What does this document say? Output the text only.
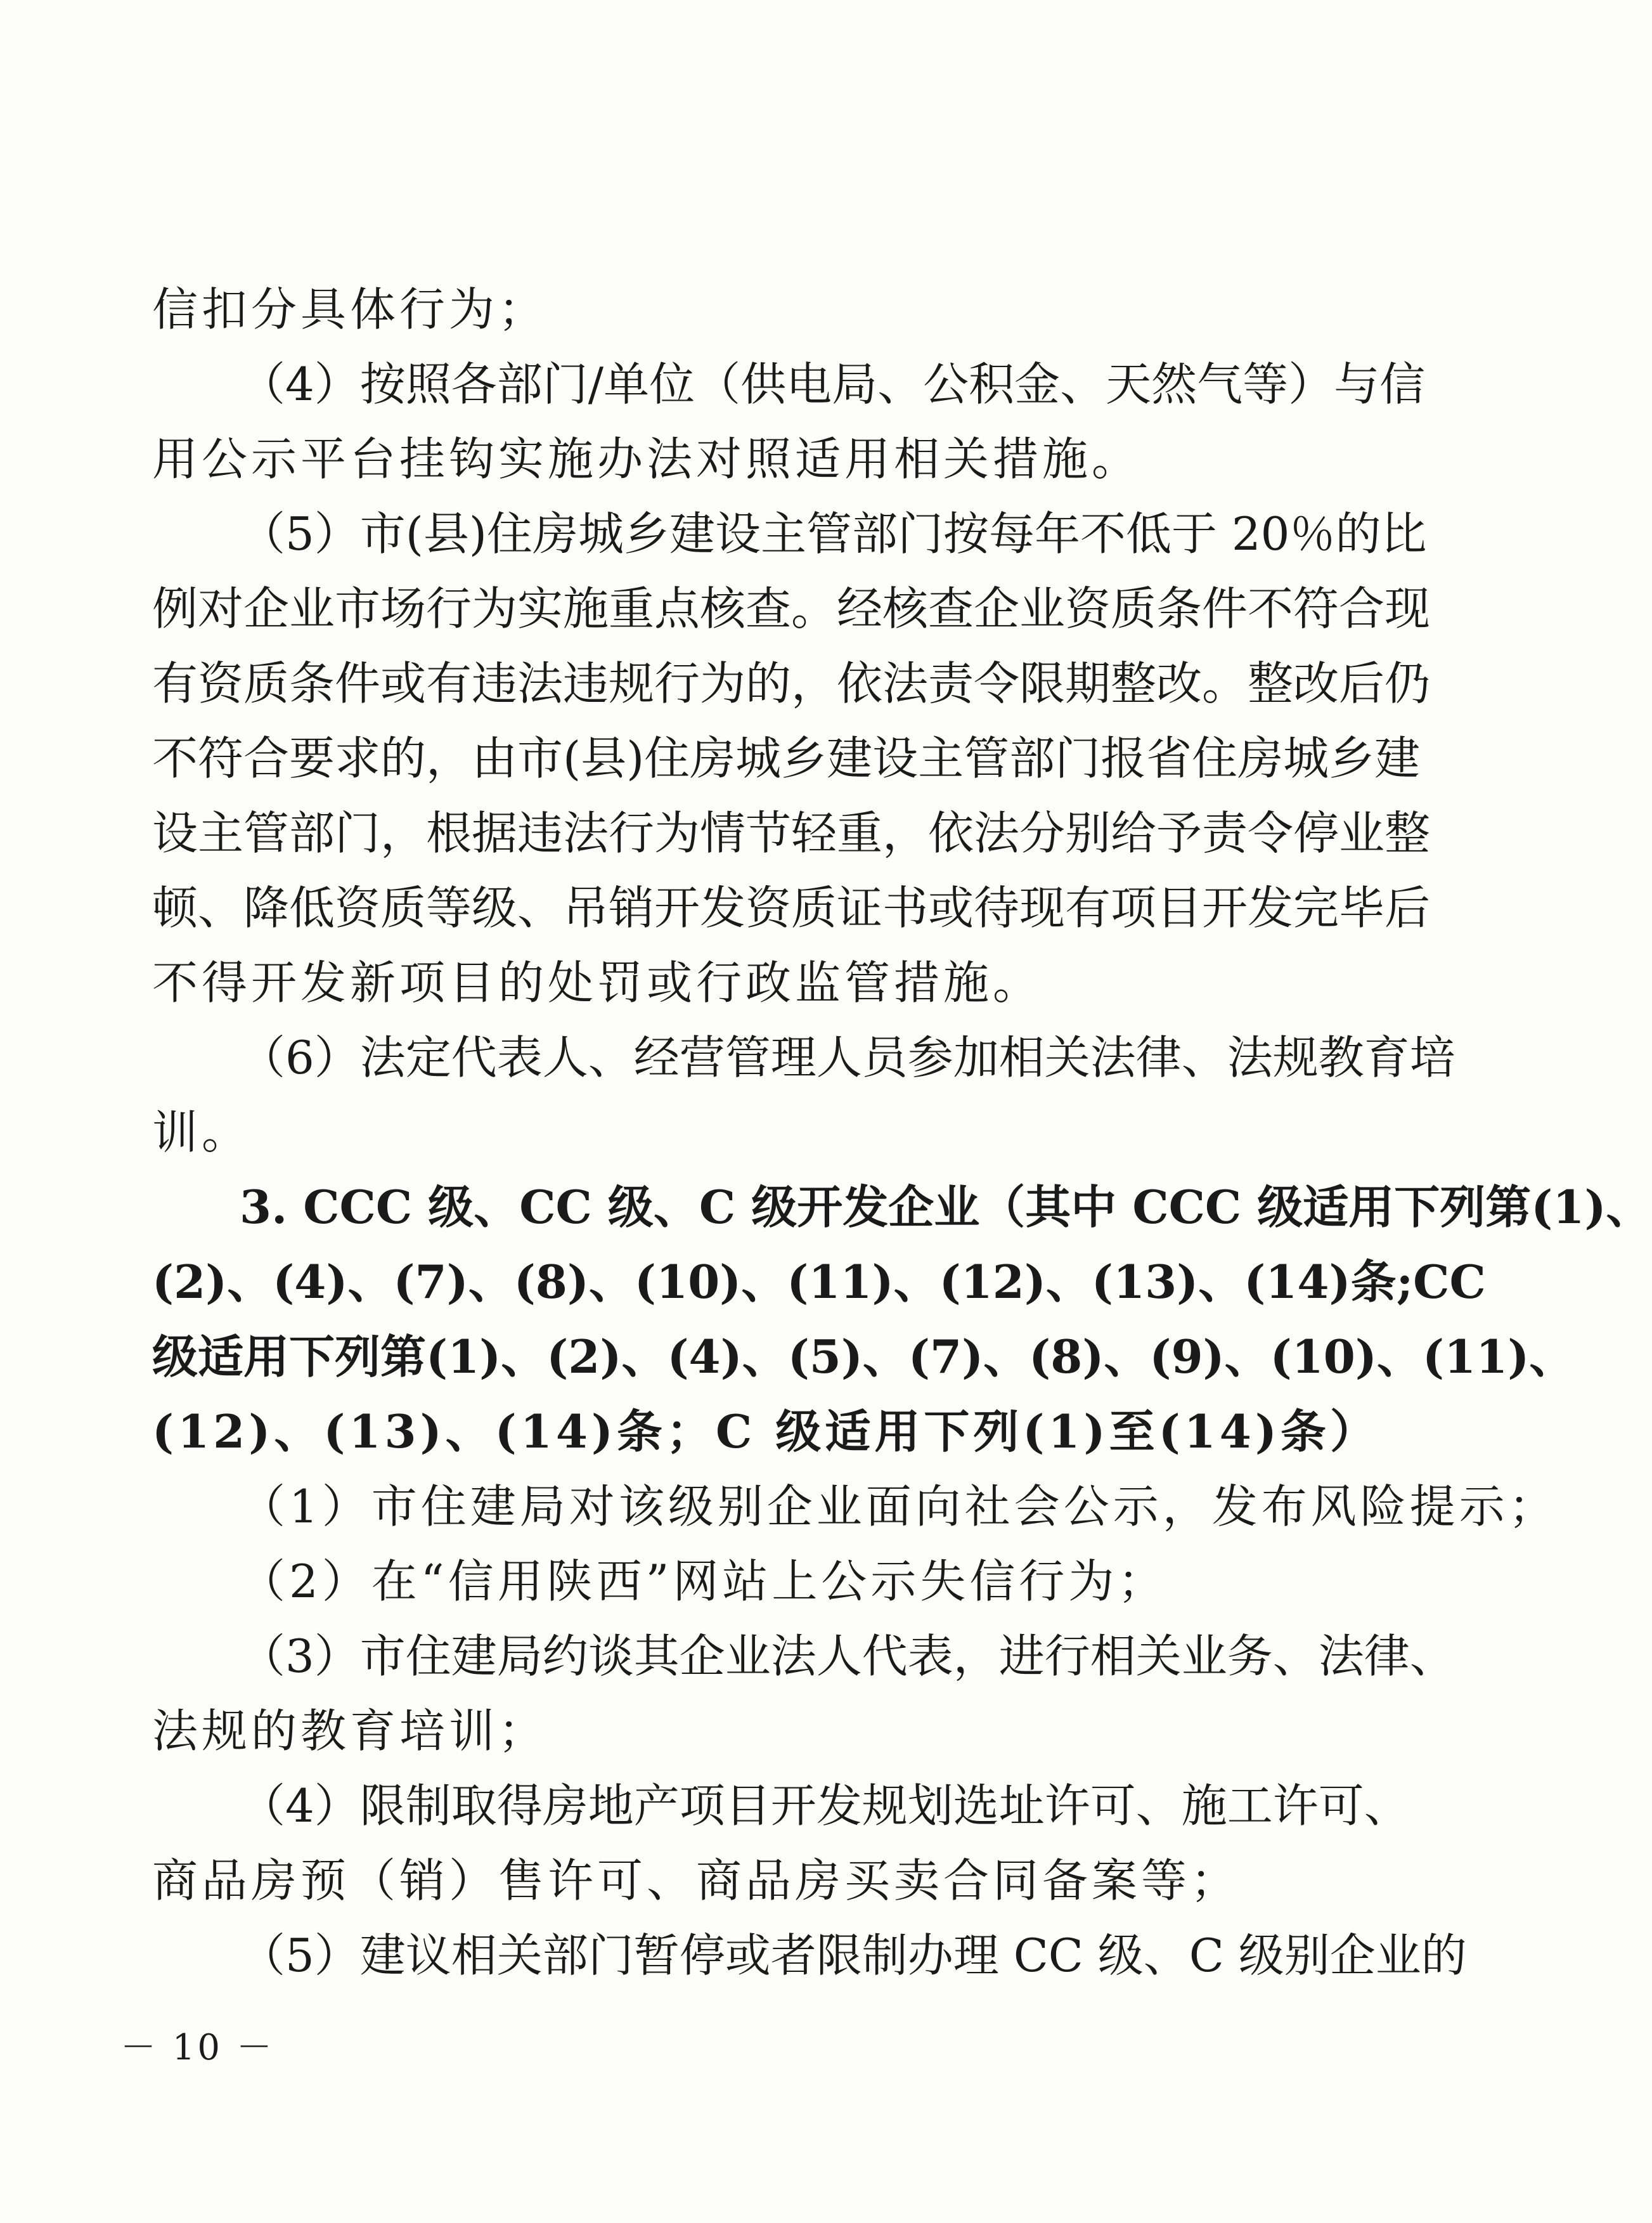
信扣分具体行为；
（4）按照各部门/单位（供电局、公积金、天然气等）与信
用公示平台挂钩实施办法对照适用相关措施。
（5）市(县)住房城乡建设主管部门按每年不低于 20％的比
例对企业市场行为实施重点核查。经核查企业资质条件不符合现
有资质条件或有违法违规行为的，依法责令限期整改。整改后仍
不符合要求的，由市(县)住房城乡建设主管部门报省住房城乡建
设主管部门，根据违法行为情节轻重，依法分别给予责令停业整
顿、降低资质等级、吊销开发资质证书或待现有项目开发完毕后
不得开发新项目的处罚或行政监管措施。
（6）法定代表人、经营管理人员参加相关法律、法规教育培
训。
3. CCC 级、CC 级、C 级开发企业（其中 CCC 级适用下列第(1)、
(2)、(4)、(7)、(8)、(10)、(11)、(12)、(13)、(14)条;CC
级适用下列第(1)、(2)、(4)、(5)、(7)、(8)、(9)、(10)、(11)、
(12)、(13)、(14)条；C 级适用下列(1)至(14)条）
（1）市住建局对该级别企业面向社会公示，发布风险提示；
（2）在“信用陕西”网站上公示失信行为；
（3）市住建局约谈其企业法人代表，进行相关业务、法律、
法规的教育培训；
（4）限制取得房地产项目开发规划选址许可、施工许可、
商品房预（销）售许可、商品房买卖合同备案等；
（5）建议相关部门暂停或者限制办理 CC 级、C 级别企业的
－ 10 －
